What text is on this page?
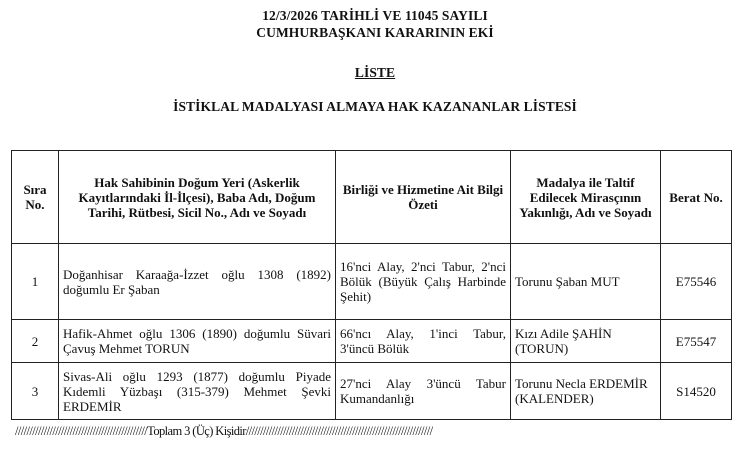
12/3/2026 TARİHLİ VE 11045 SAYILI
CUMHURBAŞKANI KARARININ EKİ
LİSTE
İSTİKLAL MADALYASI ALMAYA HAK KAZANANLAR LİSTESİ
Sıra No.	Hak Sahibinin Doğum Yeri (Askerlik Kayıtlarındaki İl-İlçesi), Baba Adı, Doğum Tarihi, Rütbesi, Sicil No., Adı ve Soyadı	Birliği ve Hizmetine Ait Bilgi Özeti	Madalya ile Taltif Edilecek Mirasçının Yakınlığı, Adı ve Soyadı	Berat No.
1	Doğanhisar Karaağa-İzzet oğlu 1308 (1892) doğumlu Er Şaban	16'nci Alay, 2'nci Tabur, 2'nci Bölük (Büyük Çalış Harbinde Şehit)	Torunu Şaban MUT	E75546
2	Hafik-Ahmet oğlu 1306 (1890) doğumlu Süvari Çavuş Mehmet TORUN	66'ncı Alay, 1'inci Tabur, 3'üncü Bölük	Kızı Adile ŞAHİN (TORUN)	E75547
3	Sivas-Ali oğlu 1293 (1877) doğumlu Piyade Kıdemli Yüzbaşı (315-379) Mehmet Şevki ERDEMİR	27'nci Alay 3'üncü Tabur Kumandanlığı	Torunu Necla ERDEMİR (KALENDER)	S14520
//////////////////////////////////////////////Toplam 3 (Üç) Kişidir/////////////////////////////////////////////////////////////////
